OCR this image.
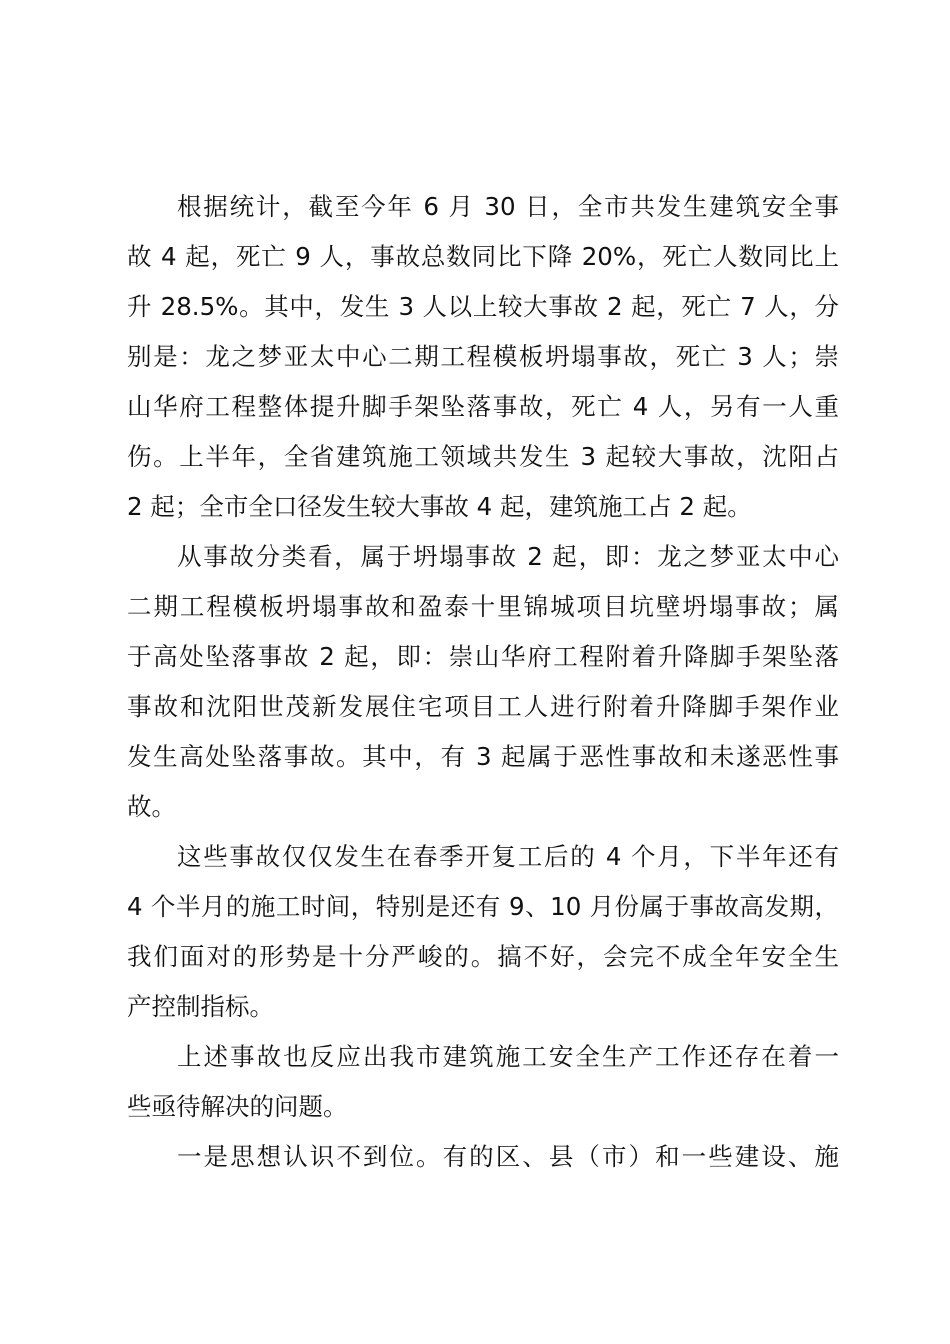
根据统计，截至今年 6 月 30 日，全市共发生建筑安全事
故 4 起，死亡 9 人，事故总数同比下降 20%，死亡人数同比上
升 28.5%。其中，发生 3 人以上较大事故 2 起，死亡 7 人，分
别是：龙之梦亚太中心二期工程模板坍塌事故，死亡 3 人；崇
山华府工程整体提升脚手架坠落事故，死亡 4 人，另有一人重
伤。上半年，全省建筑施工领域共发生 3 起较大事故，沈阳占
2 起；全市全口径发生较大事故 4 起，建筑施工占 2 起。
从事故分类看，属于坍塌事故 2 起，即：龙之梦亚太中心
二期工程模板坍塌事故和盈泰十里锦城项目坑壁坍塌事故；属
于高处坠落事故 2 起，即：崇山华府工程附着升降脚手架坠落
事故和沈阳世茂新发展住宅项目工人进行附着升降脚手架作业
发生高处坠落事故。其中，有 3 起属于恶性事故和未遂恶性事
故。
这些事故仅仅发生在春季开复工后的 4 个月，下半年还有
4 个半月的施工时间，特别是还有 9、10 月份属于事故高发期，
我们面对的形势是十分严峻的。搞不好，会完不成全年安全生
产控制指标。
上述事故也反应出我市建筑施工安全生产工作还存在着一
些亟待解决的问题。
一是思想认识不到位。有的区、县（市）和一些建设、施
